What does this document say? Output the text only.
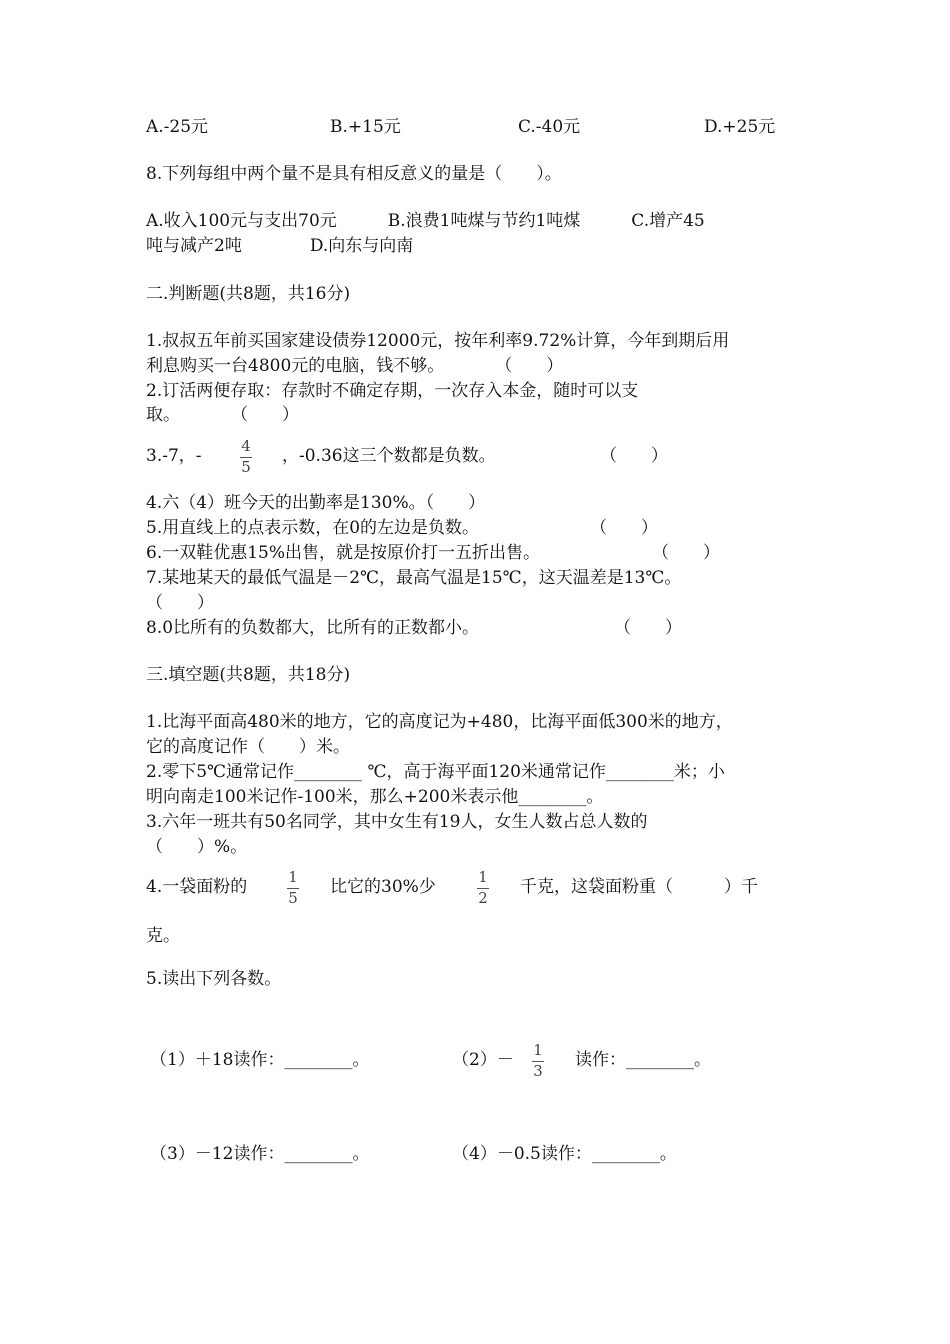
A.-25元	B.+15元	C.-40元	D.+25元
8.下列每组中两个量不是具有相反意义的量是（　　）。
A.收入100元与支出70元　　　B.浪费1吨煤与节约1吨煤　　　C.增产45
吨与减产2吨　　　　D.向东与向南
二.判断题(共8题，共16分)
1.叔叔五年前买国家建设债券12000元，按年利率9.72%计算，今年到期后用
利息购买一台4800元的电脑，钱不够。　　　　（　　）
2.订活两便存取：存款时不确定存期，一次存入本金，随时可以支
取。　　　　（　　）
3.-7，-	4
5
，-0.36这三个数都是负数。	（　　）
4.六（4）班今天的出勤率是130%。（　　）
5.用直线上的点表示数，在0的左边是负数。	（　　）
6.一双鞋优惠15%出售，就是按原价打一五折出售。	（　　）
7.某地某天的最低气温是－2℃，最高气温是15℃，这天温差是13℃。
（　　）
8.0比所有的负数都大，比所有的正数都小。	（　　）
三.填空题(共8题，共18分)
1.比海平面高480米的地方，它的高度记为+480，比海平面低300米的地方，
它的高度记作（　　）米。
2.零下5℃通常记作________ ℃，高于海平面120米通常记作________米；小
明向南走100米记作-100米，那么+200米表示他________。
3.六年一班共有50名同学，其中女生有19人，女生人数占总人数的
（　　）%。
4.一袋面粉的	1
5
比它的30%少	1
2
千克，这袋面粉重（　　　）千
克。
5.读出下列各数。
（1）＋18读作：________。	（2）－ 1
3
读作：________。
（3）－12读作：________。	（4）－0.5读作：________。
